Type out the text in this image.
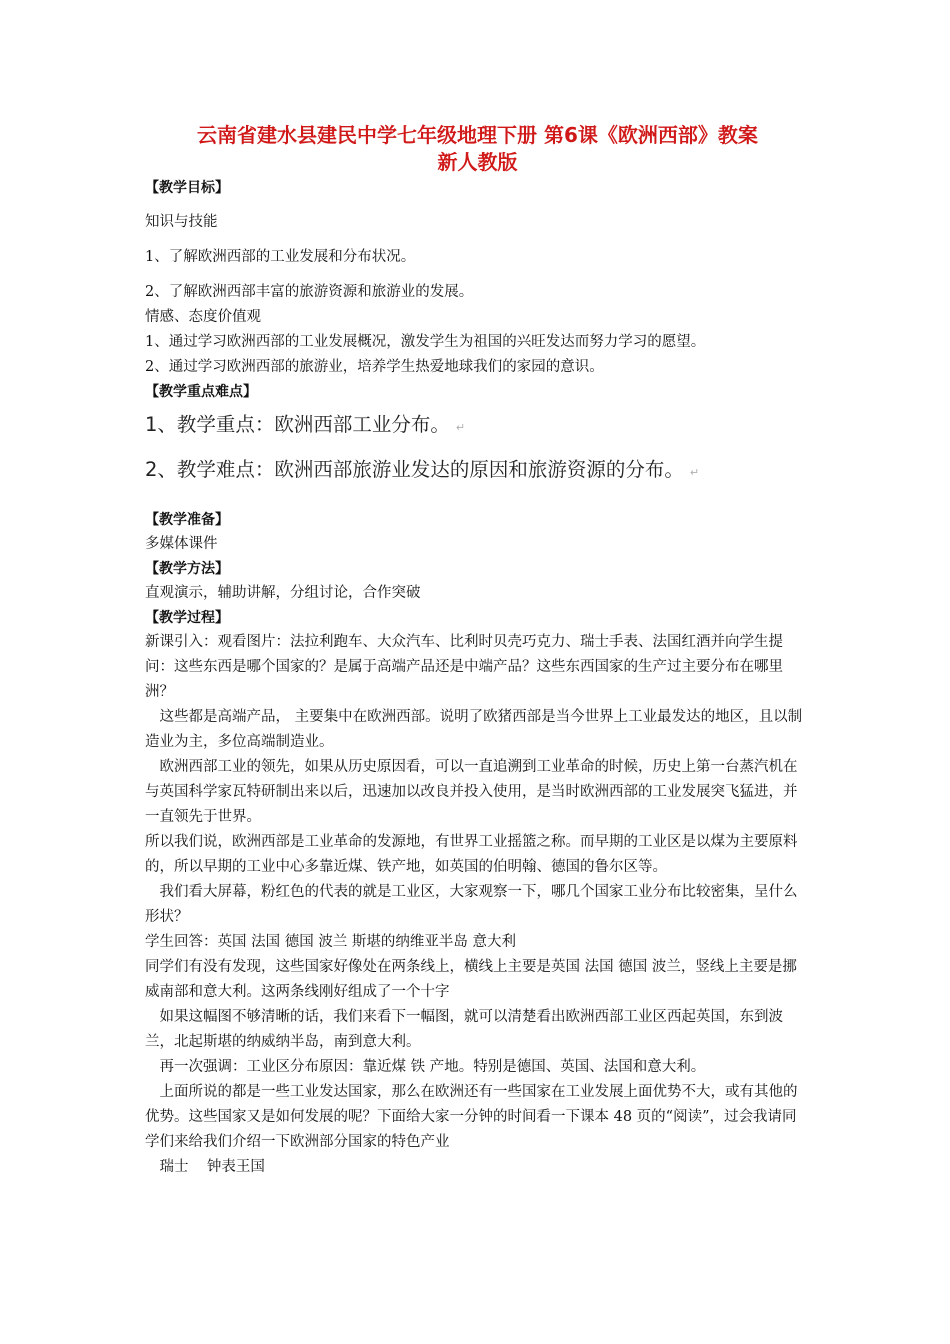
云南省建水县建民中学七年级地理下册 第6课《欧洲西部》教案

新人教版

【教学目标】

知识与技能

1、了解欧洲西部的工业发展和分布状况。

2、了解欧洲西部丰富的旅游资源和旅游业的发展。

情感、态度价值观

1、通过学习欧洲西部的工业发展概况，激发学生为祖国的兴旺发达而努力学习的愿望。

2、通过学习欧洲西部的旅游业，培养学生热爱地球我们的家园的意识。

【教学重点难点】

1、教学重点：欧洲西部工业分布。 ↵

2、教学难点：欧洲西部旅游业发达的原因和旅游资源的分布。 ↵

【教学准备】

多媒体课件

【教学方法】

直观演示，辅助讲解，分组讨论，合作突破

【教学过程】

新课引入：观看图片：法拉利跑车、大众汽车、比利时贝壳巧克力、瑞士手表、法国红酒并向学生提问：这些东西是哪个国家的？是属于高端产品还是中端产品？这些东西国家的生产过主要分布在哪里洲？

这些都是高端产品， 主要集中在欧洲西部。说明了欧猪西部是当今世界上工业最发达的地区，且以制造业为主，多位高端制造业。

欧洲西部工业的领先，如果从历史原因看，可以一直追溯到工业革命的时候，历史上第一台蒸汽机在与英国科学家瓦特研制出来以后，迅速加以改良并投入使用，是当时欧洲西部的工业发展突飞猛进，并一直领先于世界。

所以我们说，欧洲西部是工业革命的发源地，有世界工业摇篮之称。而早期的工业区是以煤为主要原料的，所以早期的工业中心多靠近煤、铁产地，如英国的伯明翰、德国的鲁尔区等。

我们看大屏幕，粉红色的代表的就是工业区，大家观察一下，哪几个国家工业分布比较密集，呈什么形状？

学生回答：英国 法国 德国 波兰 斯堪的纳维亚半岛 意大利

同学们有没有发现，这些国家好像处在两条线上，横线上主要是英国 法国 德国 波兰，竖线上主要是挪威南部和意大利。这两条线刚好组成了一个十字

如果这幅图不够清晰的话，我们来看下一幅图，就可以清楚看出欧洲西部工业区西起英国，东到波兰，北起斯堪的纳威纳半岛，南到意大利。

再一次强调：工业区分布原因：靠近煤 铁 产地。特别是德国、英国、法国和意大利。

上面所说的都是一些工业发达国家，那么在欧洲还有一些国家在工业发展上面优势不大，或有其他的优势。这些国家又是如何发展的呢？下面给大家一分钟的时间看一下课本 48 页的“阅读”，过会我请同学们来给我们介绍一下欧洲部分国家的特色产业

瑞士    钟表王国
